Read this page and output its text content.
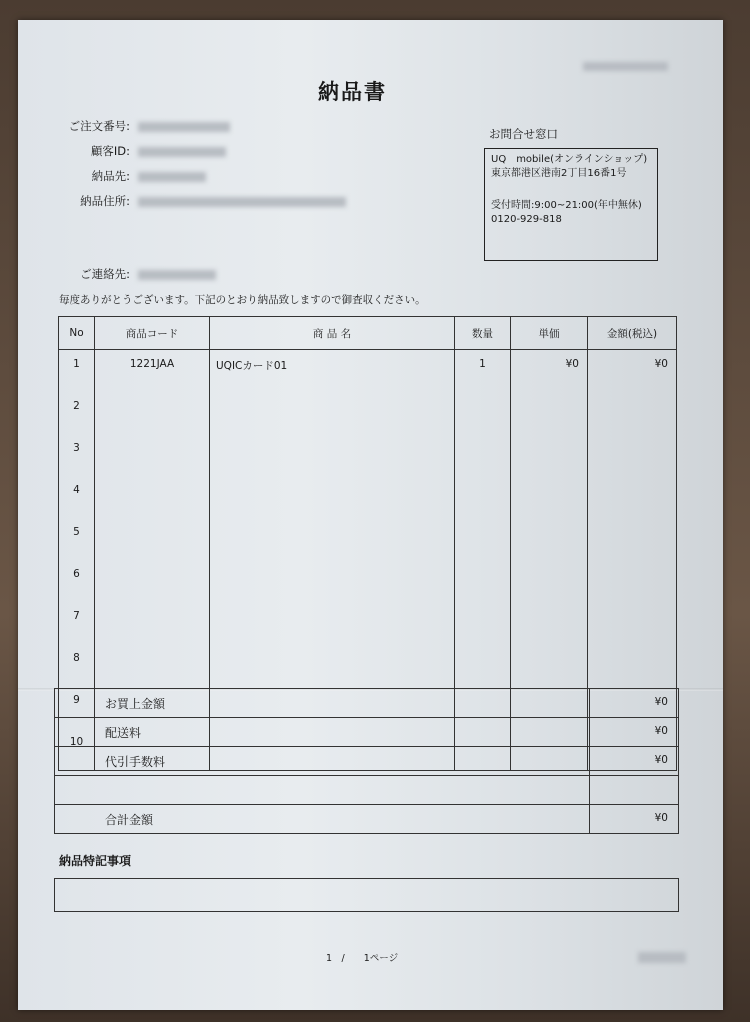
納品書
ご注文番号:
顧客ID:
納品先:
納品住所:
ご連絡先:
お問合せ窓口
UQ　mobile(オンラインショップ)
東京都港区港南2丁目16番1号
受付時間:9:00~21:00(年中無休)
0120-929-818
毎度ありがとうございます。下記のとおり納品致しますので御査収ください。
No	商品コード	商 品 名	数量	単価	金額(税込)
1	1221JAA	UQICカード01	1	¥0	¥0
2					
3					
4					
5					
6					
7					
8					
9					
10					
お買上金額	¥0
配送料	¥0
代引手数料	¥0
合計金額	¥0
納品特記事項
1　/　　1ページ
